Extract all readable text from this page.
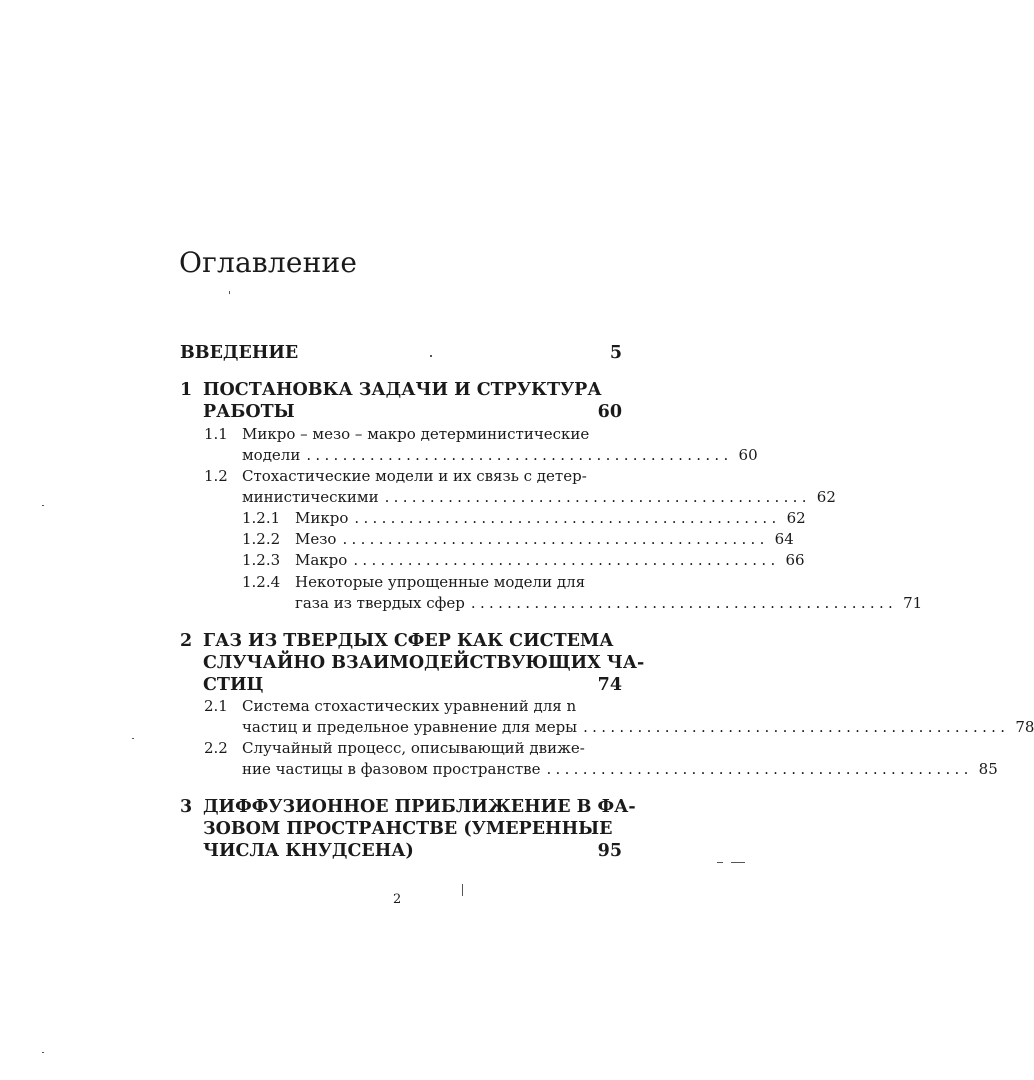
Оглавление
ВВЕДЕНИЕ	5
1 ПОСТАНОВКА ЗАДАЧИ И СТРУКТУРА
РАБОТЫ	60
1.1 Микро – мезо – макро детерминистические
модели ............................................... 60
1.2 Стохастические модели и их связь с детер-
министическими ............................................... 62
1.2.1 Микро ............................................... 62
1.2.2 Мезо ............................................... 64
1.2.3 Макро ............................................... 66
1.2.4 Некоторые упрощенные модели для
газа из твердых сфер ............................................... 71
2 ГАЗ ИЗ ТВЕРДЫХ СФЕР КАК СИСТЕМА
СЛУЧАЙНО ВЗАИМОДЕЙСТВУЮЩИХ ЧА-
СТИЦ	74
2.1 Система стохастических уравнений для n
частиц и предельное уравнение для меры ............................................... 78
2.2 Случайный процесс, описывающий движе-
ние частицы в фазовом пространстве ............................................... 85
3 ДИФФУЗИОННОЕ ПРИБЛИЖЕНИЕ В ФА-
ЗОВОМ ПРОСТРАНСТВЕ (УМЕРЕННЫЕ
ЧИСЛА КНУДСЕНА)	95
2
